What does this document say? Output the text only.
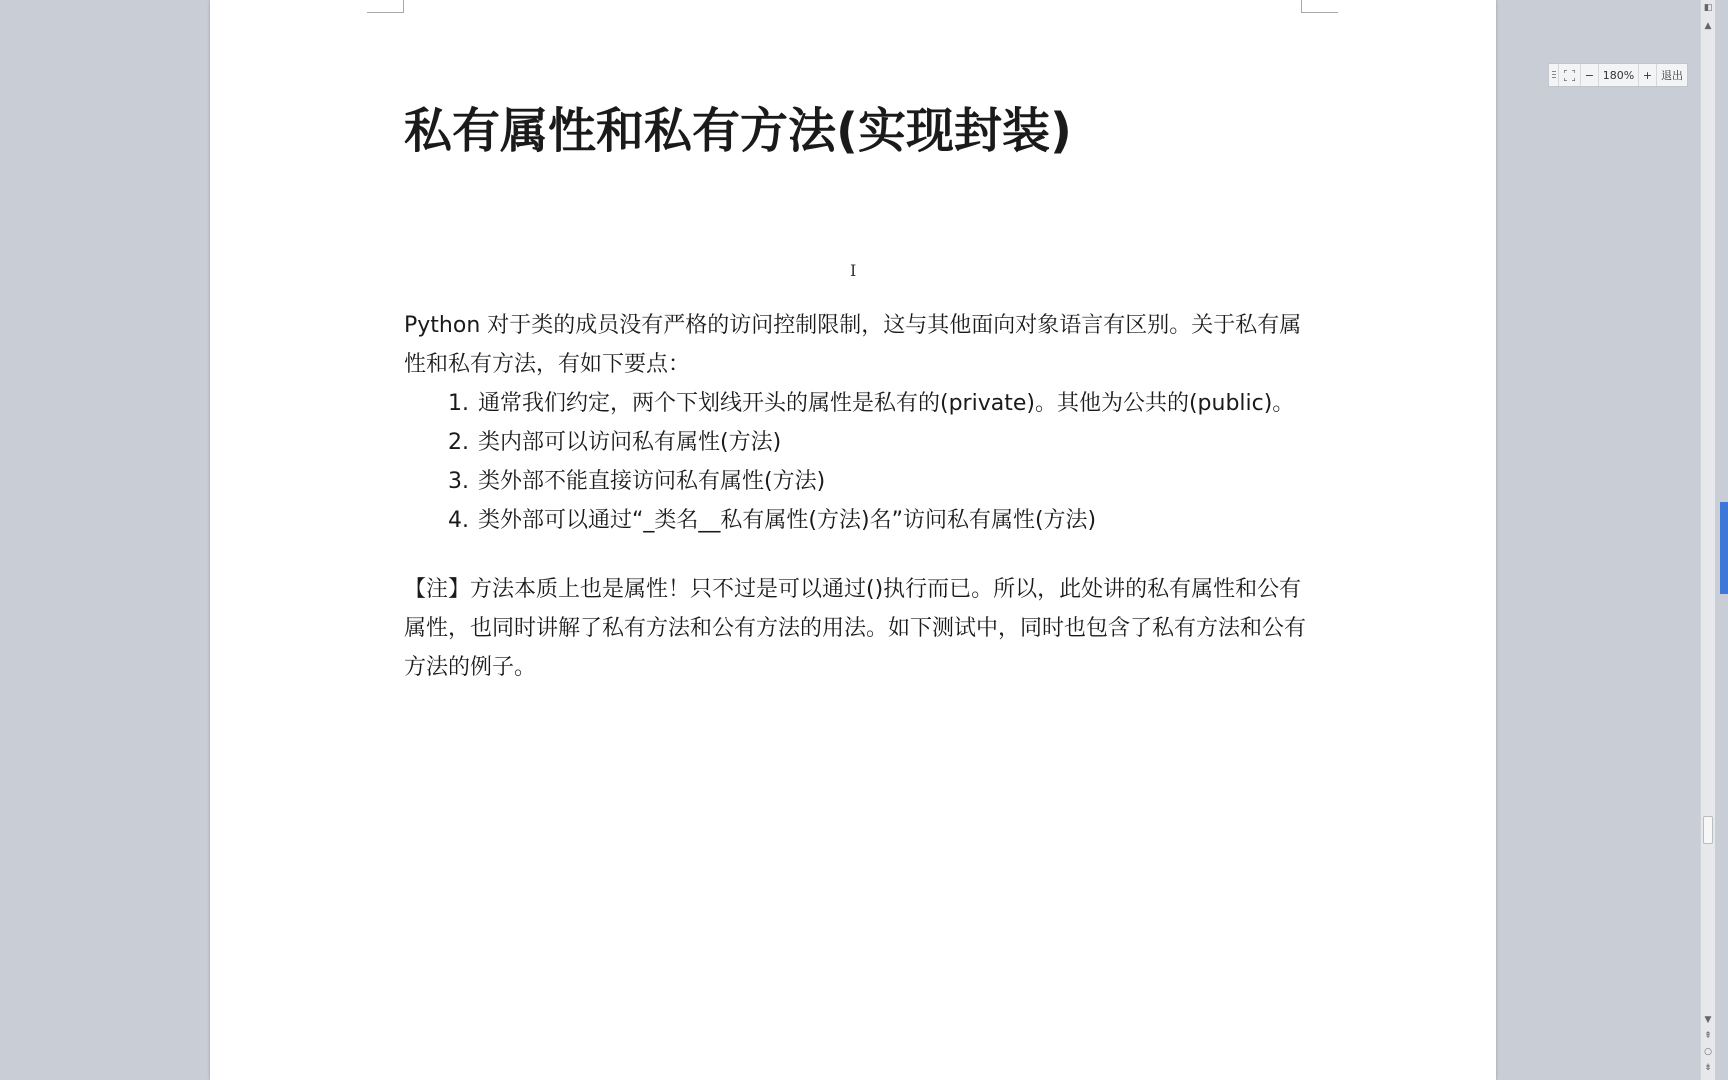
私有属性和私有方法(实现封装)

Python 对于类的成员没有严格的访问控制限制，这与其他面向对象语言有区别。关于私有属性和私有方法，有如下要点：

1. 通常我们约定，两个下划线开头的属性是私有的(private)。其他为公共的(public)。
2. 类内部可以访问私有属性(方法)
3. 类外部不能直接访问私有属性(方法)
4. 类外部可以通过“_类名__私有属性(方法)名”访问私有属性(方法)

【注】方法本质上也是属性！只不过是可以通过()执行而已。所以，此处讲的私有属性和公有属性，也同时讲解了私有方法和公有方法的用法。如下测试中，同时也包含了私有方法和公有方法的例子。

I
− 180% + 退出
◧
▲
▼
⇞
○
⇟
